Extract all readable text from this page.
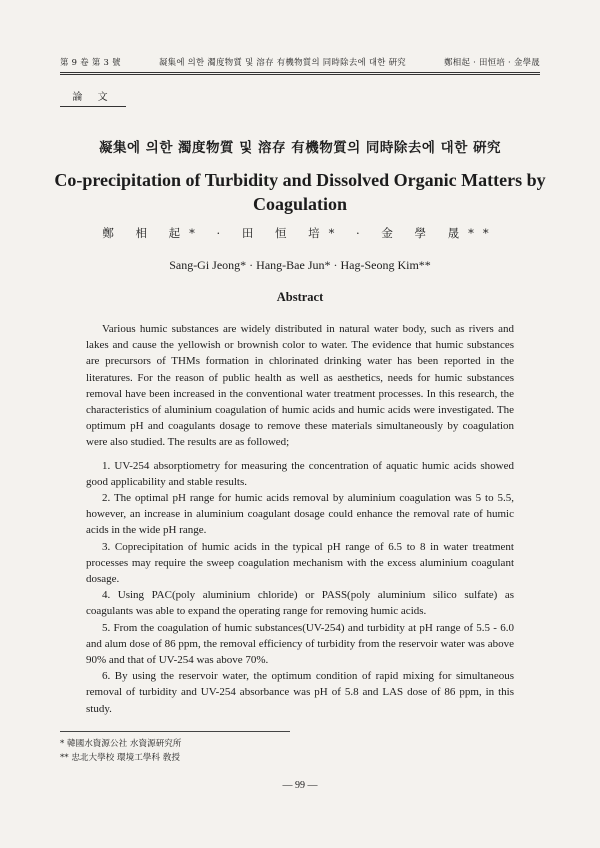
第 9 卷 第 3 號	凝集에 의한 濁度物質 및 溶存 有機物質의 同時除去에 대한 硏究	鄭相起 · 田恒培 · 金學晟
論 文
凝集에 의한 濁度物質 및 溶存 有機物質의 同時除去에 대한 硏究
Co-precipitation of Turbidity and Dissolved Organic Matters by Coagulation
鄭 相 起* · 田 恒 培* · 金 學 晟**
Sang-Gi Jeong* · Hang-Bae Jun* · Hag-Seong Kim**
Abstract

Various humic substances are widely distributed in natural water body, such as rivers and lakes and cause the yellowish or brownish color to water. The evidence that humic substances are precursors of THMs formation in chlorinated drinking water has been reported in the literatures. For the reason of public health as well as aesthetics, needs for humic substances removal have been increased in the conventional water treatment processes. In this research, the characteristics of aluminium coagulation of humic acids and humic acids were investigated. The optimum pH and coagulants dosage to remove these materials simultaneously by coagulation were also studied. The results are as followed;

1. UV-254 absorptiometry for measuring the concentration of aquatic humic acids showed good applicability and stable results.
2. The optimal pH range for humic acids removal by aluminium coagulation was 5 to 5.5, however, an increase in aluminium coagulant dosage could enhance the removal rate of humic acids in the wide pH range.
3. Coprecipitation of humic acids in the typical pH range of 6.5 to 8 in water treatment processes may require the sweep coagulation mechanism with the excess aluminium coagulant dosage.
4. Using PAC(poly aluminium chloride) or PASS(poly aluminium silico sulfate) as coagulants was able to expand the operating range for removing humic acids.
5. From the coagulation of humic substances(UV-254) and turbidity at pH range of 5.5 - 6.0 and alum dose of 86 ppm, the removal efficiency of turbidity from the reservoir water was above 90% and that of UV-254 was above 70%.
6. By using the reservoir water, the optimum condition of rapid mixing for simultaneous removal of turbidity and UV-254 absorbance was pH of 5.8 and LAS dose of 86 ppm, in this study.
* 韓國水資源公社 水資源硏究所
** 忠北大學校 環境工學科 敎授
— 99 —
